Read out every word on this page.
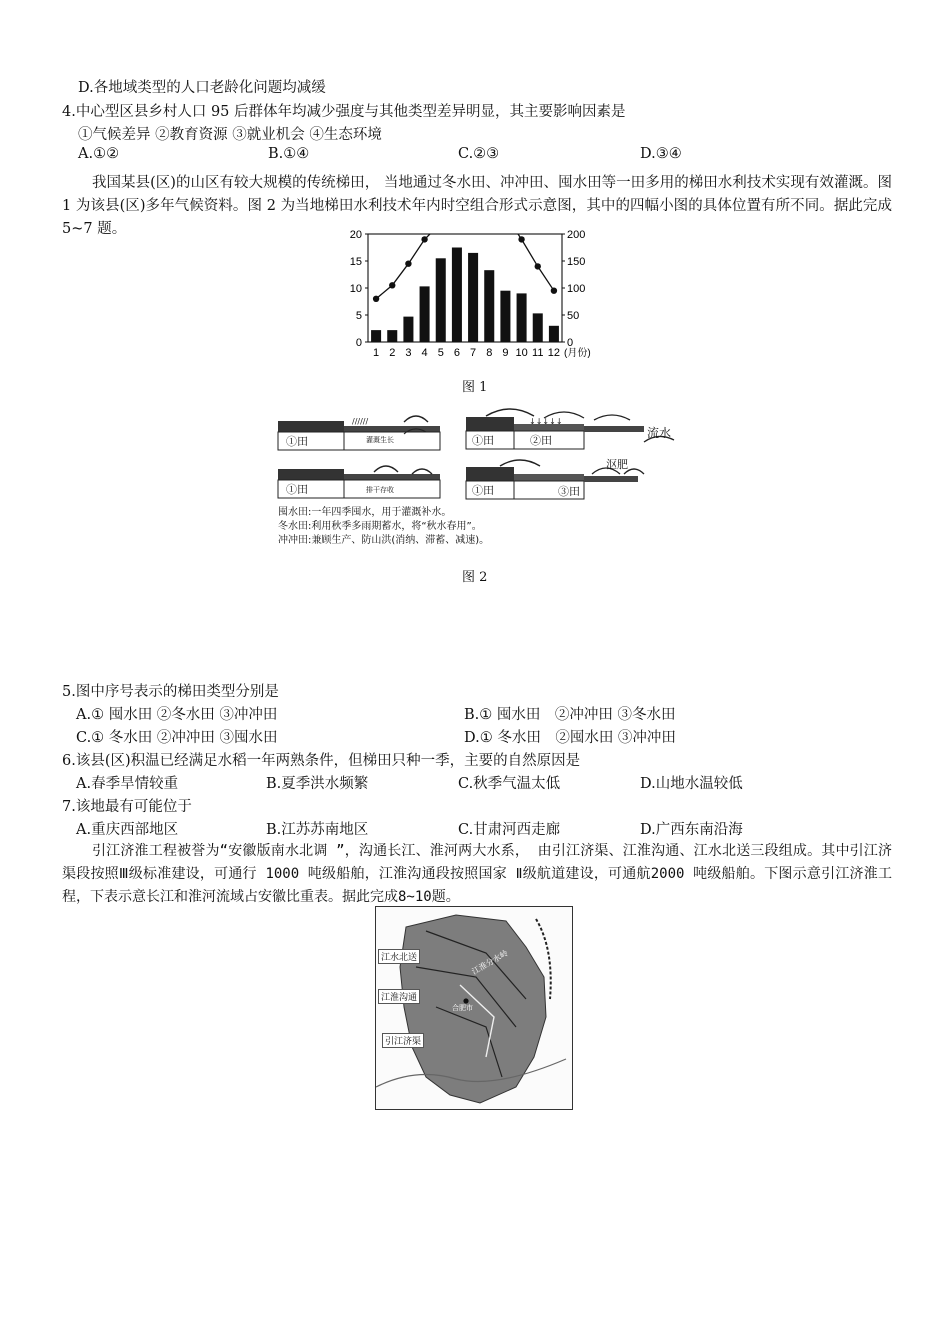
D.各地域类型的人口老龄化问题均减缓
4.中心型区县乡村人口 95 后群体年均减少强度与其他类型差异明显，其主要影响因素是
①气候差异 ②教育资源 ③就业机会 ④生态环境
A.①②	B.①④	C.②③	D.③④
我国某县(区)的山区有较大规模的传统梯田， 当地通过冬水田、冲冲田、囤水田等一田多用的梯田水利技术实现有效灌溉。图 1 为该县(区)多年气候资料。图 2 为当地梯田水利技术年内时空组合形式示意图，其中的四幅小图的具体位置有所不同。据此完成5~7 题。
0
5
10
15
20
0
50
100
150
200
1 2 3 4 5 6 7 8 9 10 11 12 (月份)
图 1
//////	↓↓↓↓↓
①田	灌溉生长	①田	②田
①田	排干存收	①田	③田
沤肥
流水
囤水田:一年四季囤水，用于灌溉补水。
冬水田:利用秋季多雨期蓄水，将“秋水春用”。
冲冲田:兼顾生产、防山洪(消纳、滞蓄、减速)。
图 2
5.图中序号表示的梯田类型分别是
A.① 囤水田 ②冬水田 ③冲冲田	B.① 囤水田　②冲冲田 ③冬水田
C.① 冬水田 ②冲冲田 ③囤水田	D.① 冬水田　②囤水田 ③冲冲田
6.该县(区)积温已经满足水稻一年两熟条件，但梯田只种一季，主要的自然原因是
A.春季旱情较重	B.夏季洪水频繁	C.秋季气温太低	D.山地水温较低
7.该地最有可能位于
A.重庆西部地区	B.江苏苏南地区	C.甘肃河西走廊	D.广西东南沿海
引江济淮工程被誉为“安徽版南水北调 ”，沟通长江、淮河两大水系， 由引江济渠、江淮沟通、江水北送三段组成。其中引江济渠段按照Ⅲ级标准建设，可通行 1000 吨级船舶，江淮沟通段按照国家 Ⅱ级航道建设，可通航2000 吨级船舶。下图示意引江济淮工程，下表示意长江和淮河流域占安徽比重表。据此完成8~10题。
江水北送
江淮沟通
引江济渠
合肥市
江淮分水岭
